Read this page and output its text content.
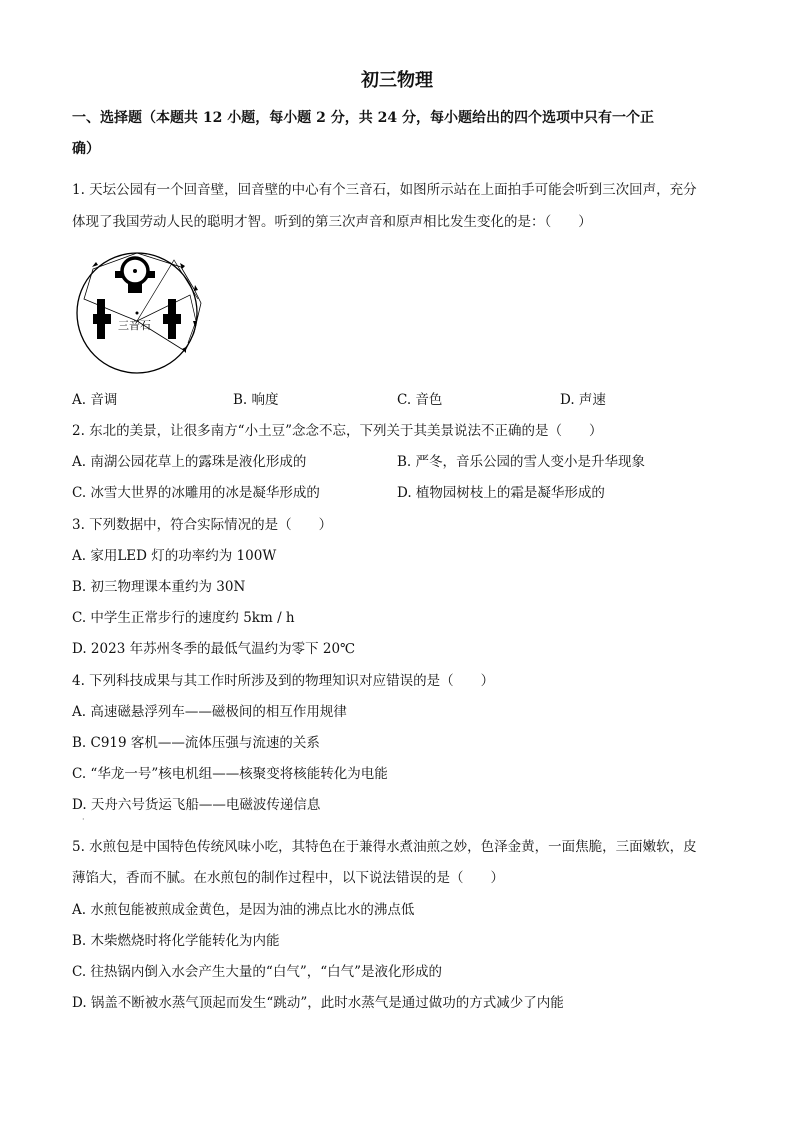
初三物理
一、选择题（本题共 12 小题，每小题 2 分，共 24 分，每小题给出的四个选项中只有一个正
确）
1. 天坛公园有一个回音壁，回音壁的中心有个三音石，如图所示站在上面拍手可能会听到三次回声，充分
体现了我国劳动人民的聪明才智。听到的第三次声音和原声相比发生变化的是：（　　）
三音石
A. 音调	B. 响度	C. 音色	D. 声速
2. 东北的美景，让很多南方“小土豆”念念不忘，下列关于其美景说法不正确的是（　　）
A. 南湖公园花草上的露珠是液化形成的	B. 严冬，音乐公园的雪人变小是升华现象
C. 冰雪大世界的冰雕用的冰是凝华形成的	D. 植物园树枝上的霜是凝华形成的
3. 下列数据中，符合实际情况的是（　　）
A. 家用LED 灯的功率约为 100W
B. 初三物理课本重约为 30N
C. 中学生正常步行的速度约 5km / h
D. 2023 年苏州冬季的最低气温约为零下 20℃
4. 下列科技成果与其工作时所涉及到的物理知识对应错误的是（　　）
A. 高速磁悬浮列车——磁极间的相互作用规律
B. C919 客机——流体压强与流速的关系
C. “华龙一号”核电机组——核聚变将核能转化为电能
D. 天舟六号货运飞船——电磁波传递信息
·
5. 水煎包是中国特色传统风味小吃，其特色在于兼得水煮油煎之妙，色泽金黄，一面焦脆，三面嫩软，皮
薄馅大，香而不腻。在水煎包的制作过程中，以下说法错误的是（　　）
A. 水煎包能被煎成金黄色，是因为油的沸点比水的沸点低
B. 木柴燃烧时将化学能转化为内能
C. 往热锅内倒入水会产生大量的“白气”，“白气”是液化形成的
D. 锅盖不断被水蒸气顶起而发生“跳动”，此时水蒸气是通过做功的方式减少了内能
